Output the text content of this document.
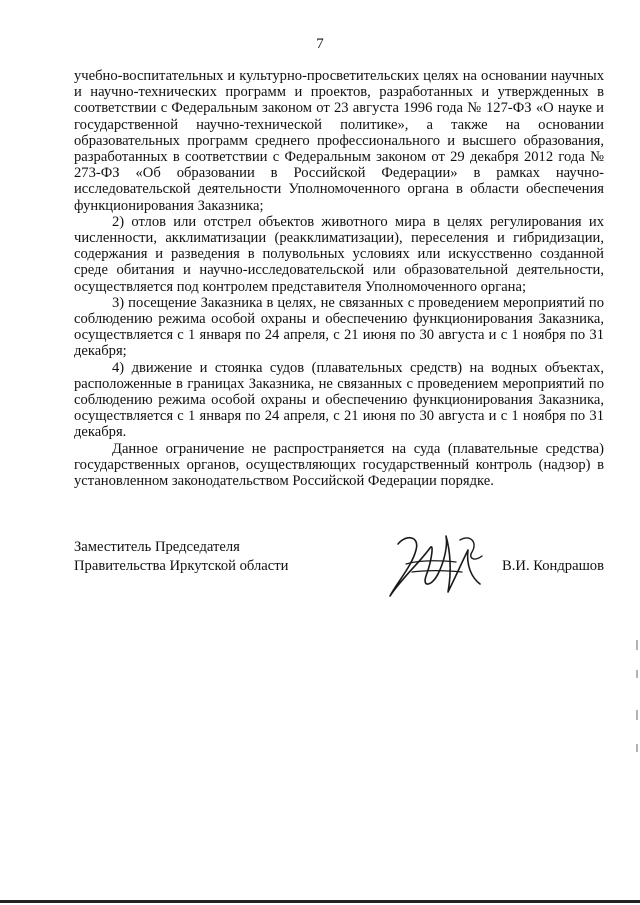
7

учебно-воспитательных и культурно-просветительских целях на основании научных и научно-технических программ и проектов, разработанных и утвержденных в соответствии с Федеральным законом от 23 августа 1996 года № 127-ФЗ «О науке и государственной научно-технической политике», а также на основании образовательных программ среднего профессионального и высшего образования, разработанных в соответствии с Федеральным законом от 29 декабря 2012 года № 273-ФЗ «Об образовании в Российской Федерации» в рамках научно-исследовательской деятельности Уполномоченного органа в области обеспечения функционирования Заказника;

2) отлов или отстрел объектов животного мира в целях регулирования их численности, акклиматизации (реакклиматизации), переселения и гибридизации, содержания и разведения в полувольных условиях или искусственно созданной среде обитания и научно-исследовательской или образовательной деятельности, осуществляется под контролем представителя Уполномоченного органа;

3) посещение Заказника в целях, не связанных с проведением мероприятий по соблюдению режима особой охраны и обеспечению функционирования Заказника, осуществляется с 1 января по 24 апреля, с 21 июня по 30 августа и с 1 ноября по 31 декабря;

4) движение и стоянка судов (плавательных средств) на водных объектах, расположенные в границах Заказника, не связанных с проведением мероприятий по соблюдению режима особой охраны и обеспечению функционирования Заказника, осуществляется с 1 января по 24 апреля, с 21 июня по 30 августа и с 1 ноября по 31 декабря.

Данное ограничение не распространяется на суда (плавательные средства) государственных органов, осуществляющих государственный контроль (надзор) в установленном законодательством Российской Федерации порядке.

Заместитель Председателя
Правительства Иркутской области	В.И. Кондрашов
